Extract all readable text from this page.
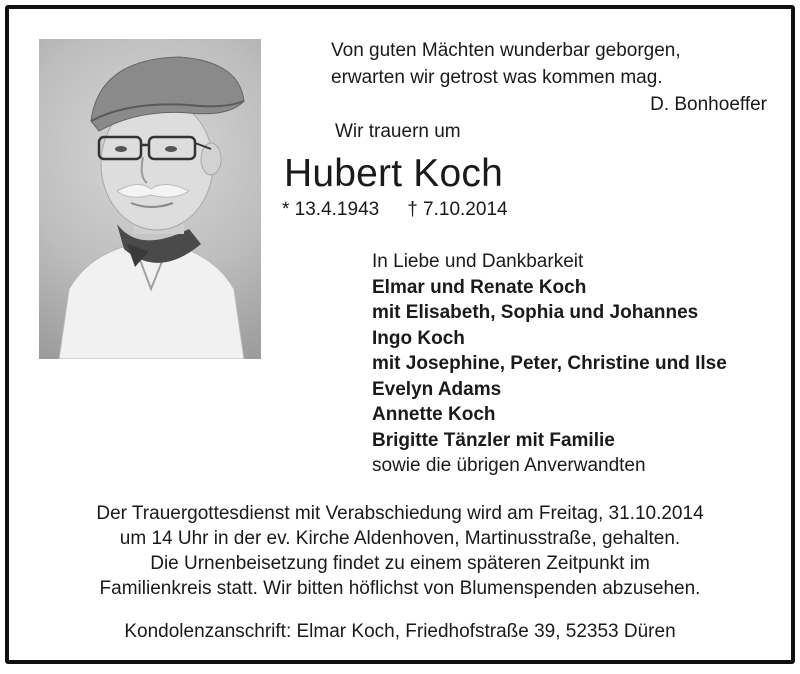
Von guten Mächten wunderbar geborgen,
erwarten wir getrost was kommen mag.
D. Bonhoeffer
Wir trauern um
Hubert Koch
* 13.4.1943 † 7.10.2014
In Liebe und Dankbarkeit
Elmar und Renate Koch
mit Elisabeth, Sophia und Johannes
Ingo Koch
mit Josephine, Peter, Christine und Ilse
Evelyn Adams
Annette Koch
Brigitte Tänzler mit Familie
sowie die übrigen Anverwandten
Der Trauergottesdienst mit Verabschiedung wird am Freitag, 31.10.2014
um 14 Uhr in der ev. Kirche Aldenhoven, Martinusstraße, gehalten.
Die Urnenbeisetzung findet zu einem späteren Zeitpunkt im
Familienkreis statt. Wir bitten höflichst von Blumenspenden abzusehen.
Kondolenzanschrift: Elmar Koch, Friedhofstraße 39, 52353 Düren
